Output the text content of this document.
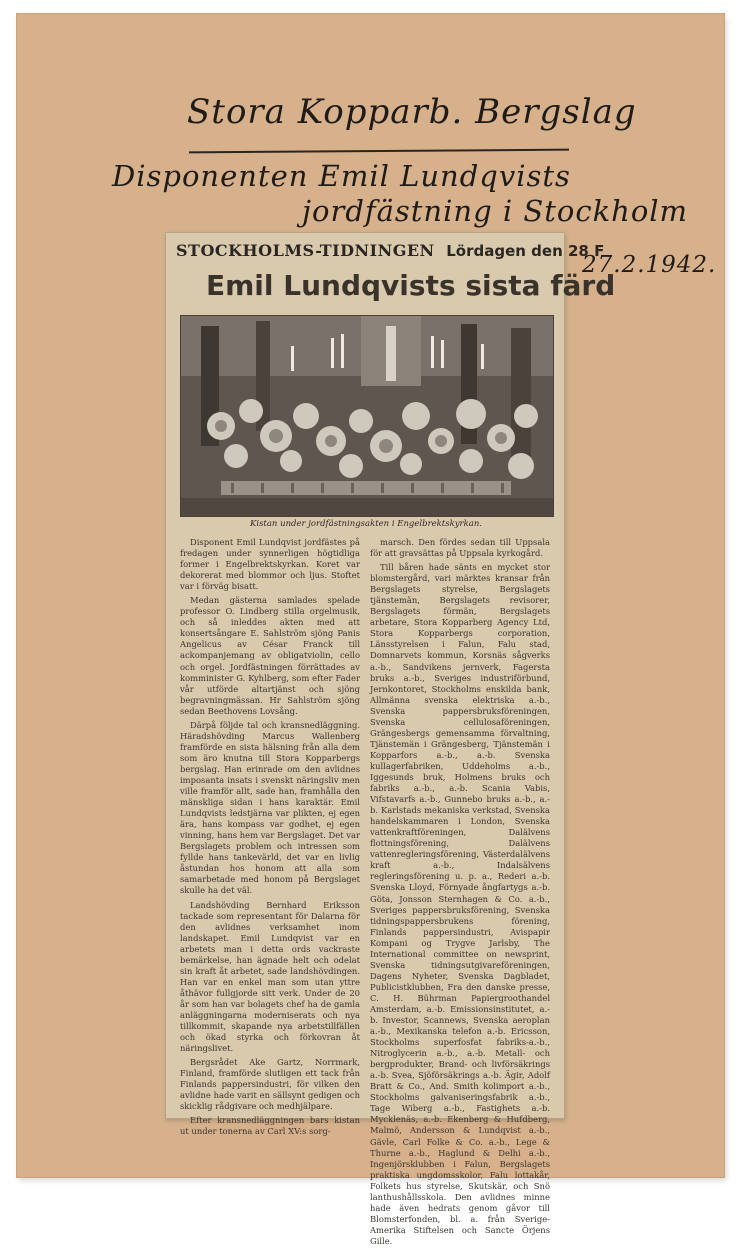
Stora Kopparb. Bergslag
Disponenten Emil Lundqvists
jordfästning i Stockholm
27.2.1942.
STOCKHOLMS-TIDNINGEN Lördagen den 28 F
Emil Lundqvists sista färd
Kistan under jordfästningsakten i Engelbrektskyrkan.

Disponent Emil Lundqvist jordfästes på fredagen under synnerligen högtidliga former i Engelbrektskyrkan. Koret var dekorerat med blommor och ljus. Stoftet var i förväg bisatt.

Medan gästerna samlades spelade professor O. Lindberg stilla orgelmusik, och så inleddes akten med att konsertsångare E. Sahlström sjöng Panis Angelicus av César Franck till ackompanjemang av obligatviolin, cello och orgel. Jordfästningen förrättades av komminister G. Kyhlberg, som efter Fader vår utförde altartjänst och sjöng begravningmässan. Hr Sahlström sjöng sedan Beethovens Lovsång.

Därpå följde tal och kransnedläggning. Häradshövding Marcus Wallenberg framförde en sista hälsning från alla dem som äro knutna till Stora Kopparbergs bergslag. Han erinrade om den avlidnes imposanta insats i svenskt näringsliv men ville framför allt, sade han, framhålla den mänskliga sidan i hans karaktär. Emil Lundqvists ledstjärna var plikten, ej egen ära, hans kompass var godhet, ej egen vinning, hans hem var Bergslaget. Det var Bergslagets problem och intressen som fyllde hans tankevärld, det var en livlig åstundan hos honom att alla som samarbetade med honom på Bergslaget skulle ha det väl.

Landshövding Bernhard Eriksson tackade som representant för Dalarna för den avlidnes verksamhet inom landskapet. Emil Lundqvist var en arbetets man i detta ords vackraste bemärkelse, han ägnade helt och odelat sin kraft åt arbetet, sade landshövdingen. Han var en enkel man som utan yttre åthävor fullgjorde sitt verk. Under de 20 år som han var bolagets chef ha de gamla anläggningarna moderniserats och nya tillkommit, skapande nya arbetstillfällen och ökad styrka och förkovran åt näringslivet.

Bergsrådet Ake Gartz, Norrmark, Finland, framförde slutligen ett tack från Finlands pappersindustri, för vilken den avlidne hade varit en sällsynt gedigen och skicklig rådgivare och medhjälpare.

Efter kransnedläggningen bars kistan ut under tonerna av Carl XV:s sorg-

marsch. Den fördes sedan till Uppsala för att gravsättas på Uppsala kyrkogård.

Till båren hade sänts en mycket stor blomstergård, vari märktes kransar från Bergslagets styrelse, Bergslagets tjänstemän, Bergslagets revisorer, Bergslagets förmän, Bergslagets arbetare, Stora Kopparberg Agency Ltd, Stora Kopparbergs corporation, Länsstyrelsen i Falun, Falu stad, Domnarvets kommun, Korsnäs sågverks a.-b., Sandvikens jernverk, Fagersta bruks a.-b., Sveriges industriförbund, Jernkontoret, Stockholms enskilda bank, Allmänna svenska elektriska a.-b., Svenska pappersbruksföreningen, Svenska cellulosaföreningen, Grängesbergs gemensamma förvaltning, Tjänstemän i Grängesberg, Tjänstemän i Kopparfors a.-b., a.-b. Svenska kullagerfabriken, Uddeholms a.-b., Iggesunds bruk, Holmens bruks och fabriks a.-b., a.-b. Scania Vabis, Vifstavarfs a.-b., Gunnebo bruks a.-b., a.-b. Karlstads mekaniska verkstad, Svenska handelskammaren i London, Svenska vattenkraftföreningen, Dalälvens flottningsförening, Dalälvens vattenregleringsförening, Västerdalälvens kraft a.-b., Indalsälvens regleringsförening u. p. a., Rederi a.-b. Svenska Lloyd, Förnyade ångfartygs a.-b. Göta, Jonsson Sternhagen & Co. a.-b., Sveriges pappersbruksförening, Svenska tidningspappersbrukens förening, Finlands pappersindustri, Avispapir Kompani og Trygve Jarlsby, The International committee on newsprint, Svenska tidningsutgivareföreningen, Dagens Nyheter, Svenska Dagbladet, Publicistklubben, Fra den danske presse, C. H. Bührman Papiergroothandel Amsterdam, a.-b. Emissionsinstitutet, a.-b. Investor, Scannews, Svenska aeroplan a.-b., Mexikanska telefon a.-b. Ericsson, Stockholms superfosfat fabriks-a.-b., Nitroglycerin a.-b., a.-b. Metall- och bergprodukter, Brand- och livförsäkrings a.-b. Svea, Sjöförsäkrings a.-b. Ägir, Adolf Bratt & Co., And. Smith kolimport a.-b., Stockholms galvaniseringsfabrik a.-b., Tage Wiberg a.-b., Fastighets a.-b. Mycklenäs, a.-b. Ekenberg & Hufdberg, Malmö, Andersson & Lundqvist a.-b., Gävle, Carl Folke & Co. a.-b., Lege & Thurne a.-b., Haglund & Delhi a.-b., Ingenjörsklubben i Falun, Bergslagets praktiska ungdomsskolor, Falu lottakår, Folkets hus styrelse, Skutskär, och Snö lanthushållsskola. Den avlidnes minne hade även hedrats genom gåvor till Blomsterfonden, bl. a. från Sverige-Amerika Stiftelsen och Sancte Örjens Gille.
